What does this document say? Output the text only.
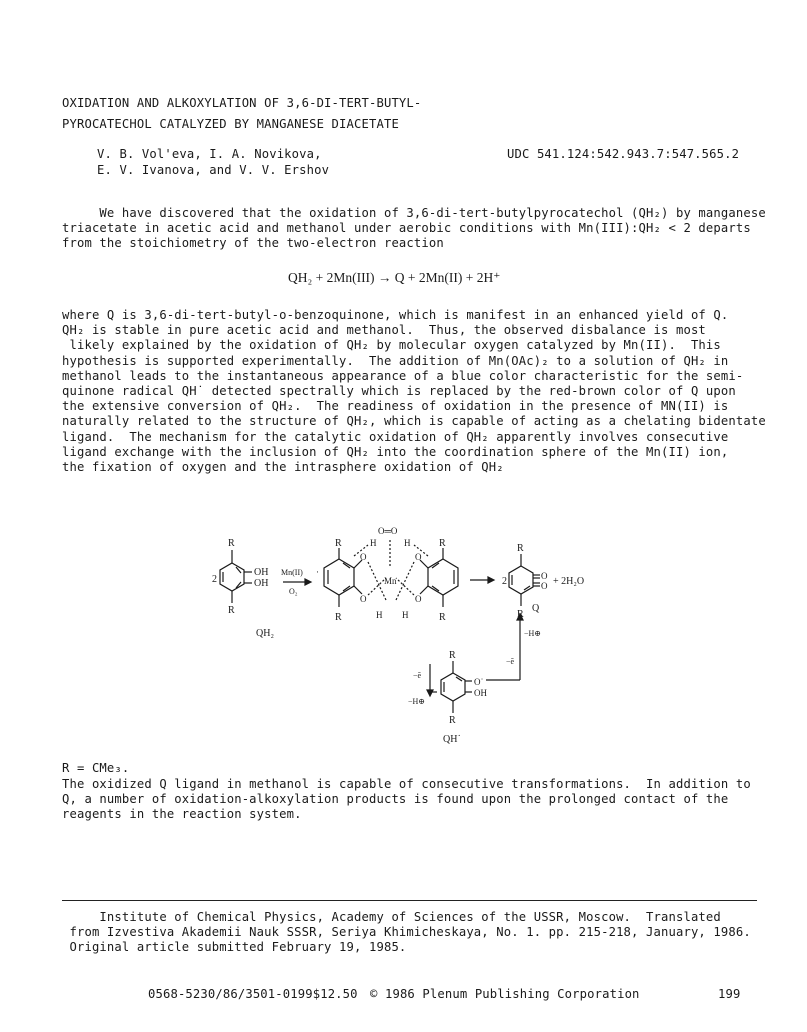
OXIDATION AND ALKOXYLATION OF 3,6-DI-TERT-BUTYL-
PYROCATECHOL CATALYZED BY MANGANESE DIACETATE
V. B. Vol'eva, I. A. Novikova,
E. V. Ivanova, and V. V. Ershov
UDC 541.124:542.943.7:547.565.2
We have discovered that the oxidation of 3,6-di-tert-butylpyrocatechol (QH₂) by manganese
triacetate in acetic acid and methanol under aerobic conditions with Mn(III):QH₂ < 2 departs
from the stoichiometry of the two-electron reaction
QH₂ + 2Mn(III) → Q + 2Mn(II) + 2H⁺
where Q is 3,6-di-tert-butyl-o-benzoquinone, which is manifest in an enhanced yield of Q.
QH₂ is stable in pure acetic acid and methanol.  Thus, the observed disbalance is most
likely explained by the oxidation of QH₂ by molecular oxygen catalyzed by Mn(II).  This
hypothesis is supported experimentally.  The addition of Mn(OAc)₂ to a solution of QH₂ in
methanol leads to the instantaneous appearance of a blue color characteristic for the semi-
quinone radical QH˙ detected spectrally which is replaced by the red-brown color of Q upon
the extensive conversion of QH₂.  The readiness of oxidation in the presence of MN(II) is
naturally related to the structure of QH₂, which is capable of acting as a chelating bidentate
ligand.  The mechanism for the catalytic oxidation of QH₂ apparently involves consecutive
ligand exchange with the inclusion of QH₂ into the coordination sphere of the Mn(II) ion,
the fixation of oxygen and the intrasphere oxidation of QH₂
·
R
R
2
OH
OH
Mn(II)
O₂
QH₂
R
R
R
R
O═O
H	H
H H
O	O
O	O
Mn	2
R
R
O
O + 2H₂O
Q
−H⊕
−ē
R
R
O˙
OH
−ē
−H⊕
QH˙
R = CMe₃.
The oxidized Q ligand in methanol is capable of consecutive transformations.  In addition to
Q, a number of oxidation-alkoxylation products is found upon the prolonged contact of the
reagents in the reaction system.
Institute of Chemical Physics, Academy of Sciences of the USSR, Moscow.  Translated
from Izvestiva Akademii Nauk SSSR, Seriya Khimicheskaya, No. 1. pp. 215-218, January, 1986.
Original article submitted February 19, 1985.
0568-5230/86/3501-0199$12.50 © 1986 Plenum Publishing Corporation	199
